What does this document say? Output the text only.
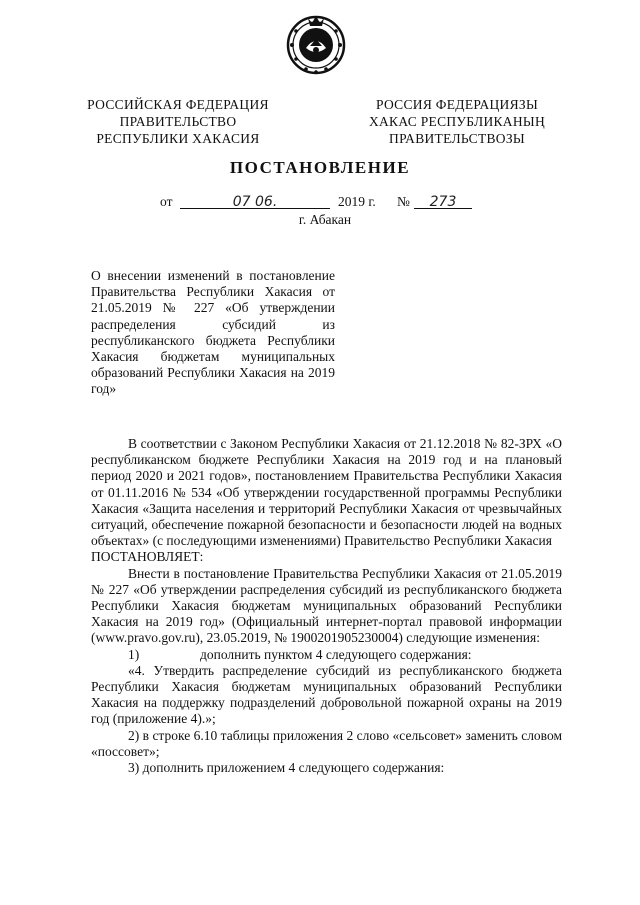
РОССИЙСКАЯ ФЕДЕРАЦИЯ
ПРАВИТЕЛЬСТВО
РЕСПУБЛИКИ ХАКАСИЯ
РОССИЯ ФЕДЕРАЦИЯЗЫ
ХАКАС РЕСПУБЛИКАНЫҢ
ПРАВИТЕЛЬСТВОЗЫ
ПОСТАНОВЛЕНИЕ
от	07 06.	2019 г. №	273
г. Абакан
О внесении изменений в постановление Правительства Республики Хакасия от 21.05.2019 № 227 «Об утверждении распределения субсидий из республиканского бюджета Республики Хакасия бюджетам муниципальных образований Республики Хакасия на 2019 год»

В соответствии с Законом Республики Хакасия от 21.12.2018 № 82-ЗРХ «О республиканском бюджете Республики Хакасия на 2019 год и на плановый период 2020 и 2021 годов», постановлением Правительства Республики Хакасия от 01.11.2016 № 534 «Об утверждении государственной программы Республики Хакасия «Защита населения и территорий Республики Хакасия от чрезвычайных ситуаций, обеспечение пожарной безопасности и безопасности людей на водных объектах» (с последующими изменениями) Правительство Республики Хакасия

ПОСТАНОВЛЯЕТ:

Внести в постановление Правительства Республики Хакасия от 21.05.2019 № 227 «Об утверждении распределения субсидий из республиканского бюджета Республики Хакасия бюджетам муниципальных образований Республики Хакасия на 2019 год» (Официальный интернет-портал правовой информации (www.pravo.gov.ru), 23.05.2019, № 1900201905230004) следующие изменения:

1)	дополнить пунктом 4 следующего содержания:

«4. Утвердить распределение субсидий из республиканского бюджета Республики Хакасия бюджетам муниципальных образований Республики Хакасия на поддержку подразделений добровольной пожарной охраны на 2019 год (приложение 4).»;

2) в строке 6.10 таблицы приложения 2 слово «сельсовет» заменить словом «поссовет»;

3) дополнить приложением 4 следующего содержания:
